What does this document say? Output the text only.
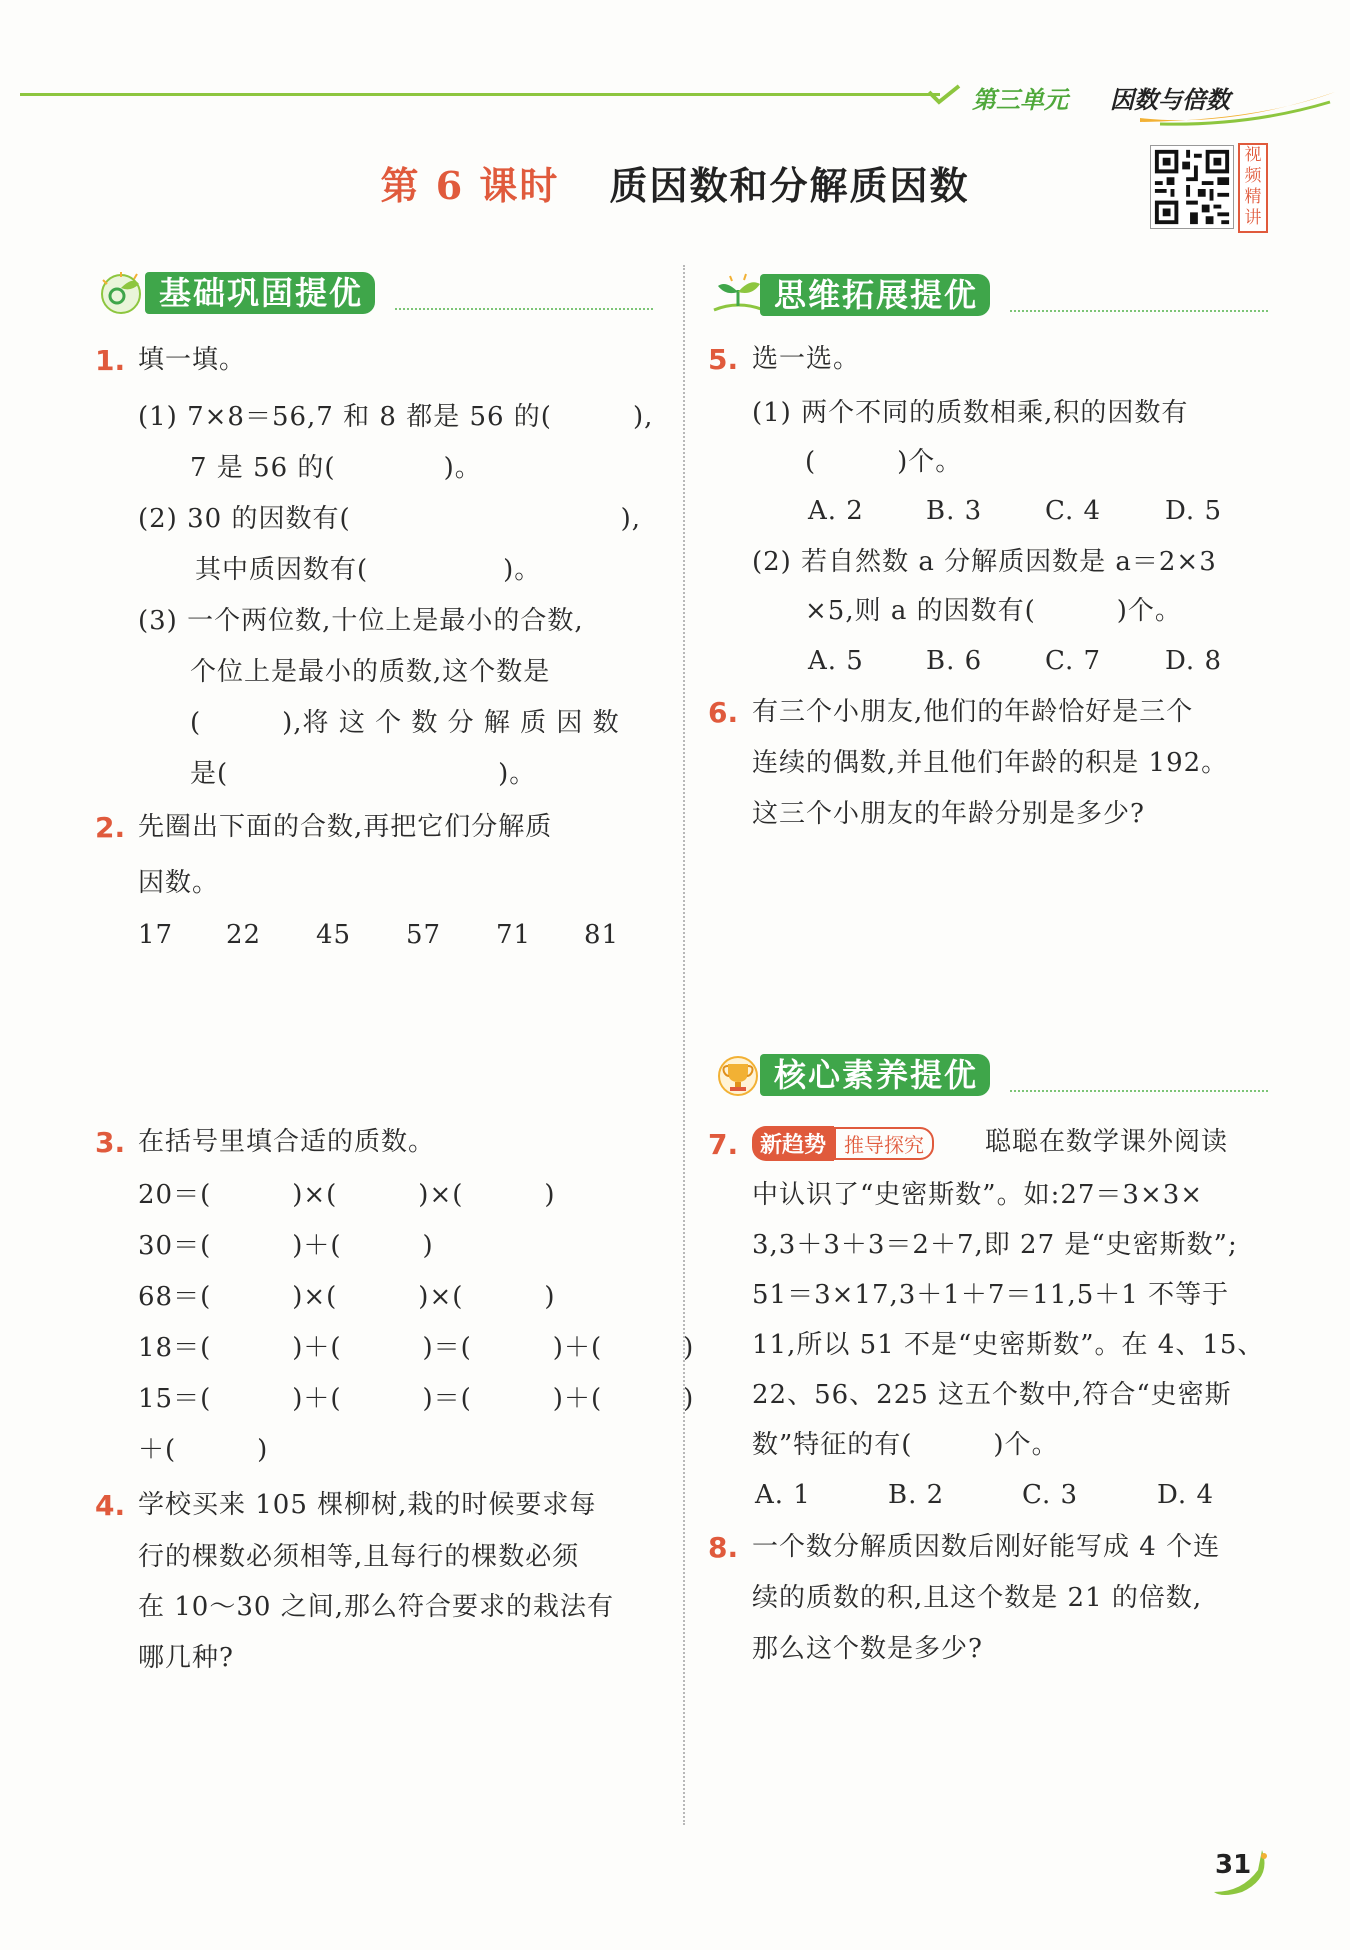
第三单元 因数与倍数
第 6 课时 质因数和分解质因数
视频精讲
基础巩固提优
1. 填一填。
(1) 7×8＝56,7 和 8 都是 56 的(　　　),
7 是 56 的(　　　　)。
(2) 30 的因数有(　　　　　　　　　　),
其中质因数有(　　　　　)。
(3) 一个两位数,十位上是最小的合数,
个位上是最小的质数,这个数是
(　　　),将 这 个 数 分 解 质 因 数
是(　　　　　　　　　　)。
2. 先圈出下面的合数,再把它们分解质
因数。
17 22 45 57 71 81
3. 在括号里填合适的质数。
20＝(　　　)×(　　　)×(　　　)
30＝(　　　)＋(　　　)
68＝(　　　)×(　　　)×(　　　)
18＝(　　　)＋(　　　)＝(　　　)＋(　　　)
15＝(　　　)＋(　　　)＝(　　　)＋(　　　)
＋(　　　)
4. 学校买来 105 棵柳树,栽的时候要求每
行的棵数必须相等,且每行的棵数必须
在 10～30 之间,那么符合要求的栽法有
哪几种?
思维拓展提优
5. 选一选。
(1) 两个不同的质数相乘,积的因数有
(　　　)个。
A. 2 B. 3 C. 4 D. 5
(2) 若自然数 a 分解质因数是 a＝2×3
×5,则 a 的因数有(　　　)个。
A. 5 B. 6 C. 7 D. 8
6. 有三个小朋友,他们的年龄恰好是三个
连续的偶数,并且他们年龄的积是 192。
这三个小朋友的年龄分别是多少?
核心素养提优
7. 新趋势 推导探究	聪聪在数学课外阅读
中认识了“史密斯数”。如:27＝3×3×
3,3＋3＋3＝2＋7,即 27 是“史密斯数”;
51＝3×17,3＋1＋7＝11,5＋1 不等于
11,所以 51 不是“史密斯数”。在 4、15、
22、56、225 这五个数中,符合“史密斯
数”特征的有(　　　)个。
A. 1	B. 2	C. 3	D. 4
8. 一个数分解质因数后刚好能写成 4 个连
续的质数的积,且这个数是 21 的倍数,
那么这个数是多少?
31
